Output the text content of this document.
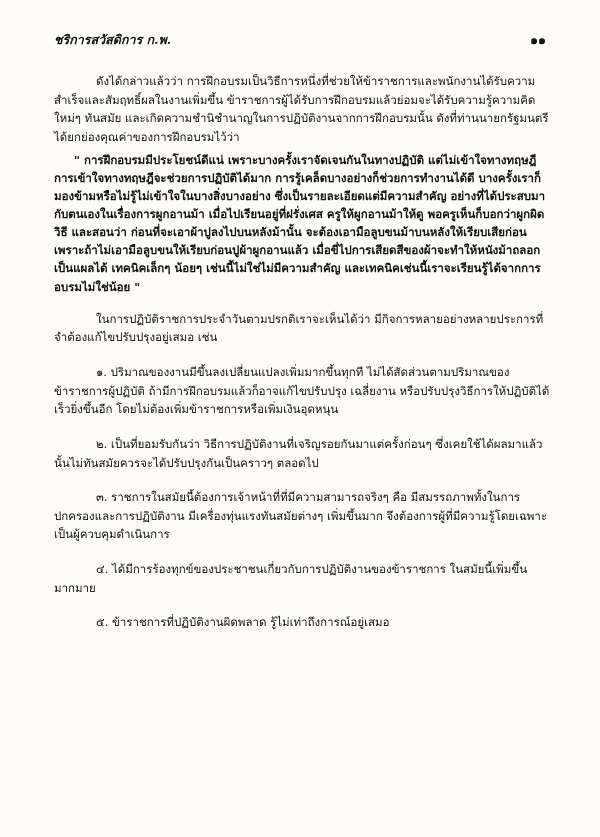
ชริการสวัสดิการ ก.พ.	๑๑

ดังได้กล่าวแล้วว่า การฝึกอบรมเป็นวิธีการหนึ่งที่ช่วยให้ข้าราชการและพนักงานได้รับความสำเร็จและสัมฤทธิ์ผลในงานเพิ่มขึ้น ข้าราชการผู้ได้รับการฝึกอบรมแล้วย่อมจะได้รับความรู้ความคิดใหม่ๆ ทันสมัย และเกิดความชำนิชำนาญในการปฏิบัติงานจากการฝึกอบรมนั้น ดังที่ท่านนายกรัฐมนตรีได้ยกย่องคุณค่าของการฝึกอบรมไว้ว่า

" การฝึกอบรมมีประโยชน์ดีแน่ เพราะบางครั้งเราจัดเจนกันในทางปฏิบัติ แต่ไม่เข้าใจทางทฤษฎี การเข้าใจทางทฤษฎีจะช่วยการปฏิบัติได้มาก การรู้เคล็ดบางอย่างก็ช่วยการทำงานได้ดี บางครั้งเราก็มองข้ามหรือไม่รู้ไม่เข้าใจในบางสิ่งบางอย่าง ซึ่งเป็นรายละเอียดแต่มีความสำคัญ อย่างที่ได้ประสบมากับตนเองในเรื่องการผูกอานม้า เมื่อไปเรียนอยู่ที่ฝรั่งเศส ครูให้ผูกอานม้าให้ดู พอครูเห็นก็บอกว่าผูกผิดวิธี และสอนว่า ก่อนที่จะเอาผ้าปูลงไปบนหลังม้านั้น จะต้องเอามือลูบขนม้าบนหลังให้เรียบเสียก่อน เพราะถ้าไม่เอามือลูบขนให้เรียบก่อนปูผ้าผูกอานแล้ว เมื่อขี่ไปการเสียดสีของผ้าจะทำให้หนังม้าถลอกเป็นแผลได้ เทคนิคเล็กๆ น้อยๆ เช่นนี้ไม่ใช่ไม่มีความสำคัญ และเทคนิคเช่นนี้เราจะเรียนรู้ได้จากการอบรมไม่ใช่น้อย "

ในการปฏิบัติราชการประจำวันตามปรกติเราจะเห็นได้ว่า มีกิจการหลายอย่างหลายประการที่จำต้องแก้ไขปรับปรุงอยู่เสมอ เช่น

๑. ปริมาณของงานมีขึ้นลงเปลี่ยนแปลงเพิ่มมากขึ้นทุกที ไม่ได้สัดส่วนตามปริมาณของข้าราชการผู้ปฏิบัติ ถ้ามีการฝึกอบรมแล้วก็อาจแก้ไขปรับปรุง เฉลี่ยงาน หรือปรับปรุงวิธีการให้ปฏิบัติได้เร็วยิ่งขึ้นอีก โดยไม่ต้องเพิ่มข้าราชการหรือเพิ่มเงินอุดหนุน

๒. เป็นที่ยอมรับกันว่า วิธีการปฏิบัติงานที่เจริญรอยกันมาแต่ครั้งก่อนๆ ซึ่งเคยใช้ได้ผลมาแล้วนั้นไม่ทันสมัยควรจะได้ปรับปรุงกันเป็นคราวๆ ตลอดไป

๓. ราชการในสมัยนี้ต้องการเจ้าหน้าที่ที่มีความสามารถจริงๆ คือ มีสมรรถภาพทั้งในการปกครองและการปฏิบัติงาน มีเครื่องทุ่นแรงทันสมัยต่างๆ เพิ่มขึ้นมาก จึงต้องการผู้ที่มีความรู้โดยเฉพาะเป็นผู้ควบคุมดำเนินการ

๔. ได้มีการร้องทุกข์ของประชาชนเกี่ยวกับการปฏิบัติงานของข้าราชการ ในสมัยนี้เพิ่มขึ้นมากมาย

๕. ข้าราชการที่ปฏิบัติงานผิดพลาด รู้ไม่เท่าถึงการณ์อยู่เสมอ
